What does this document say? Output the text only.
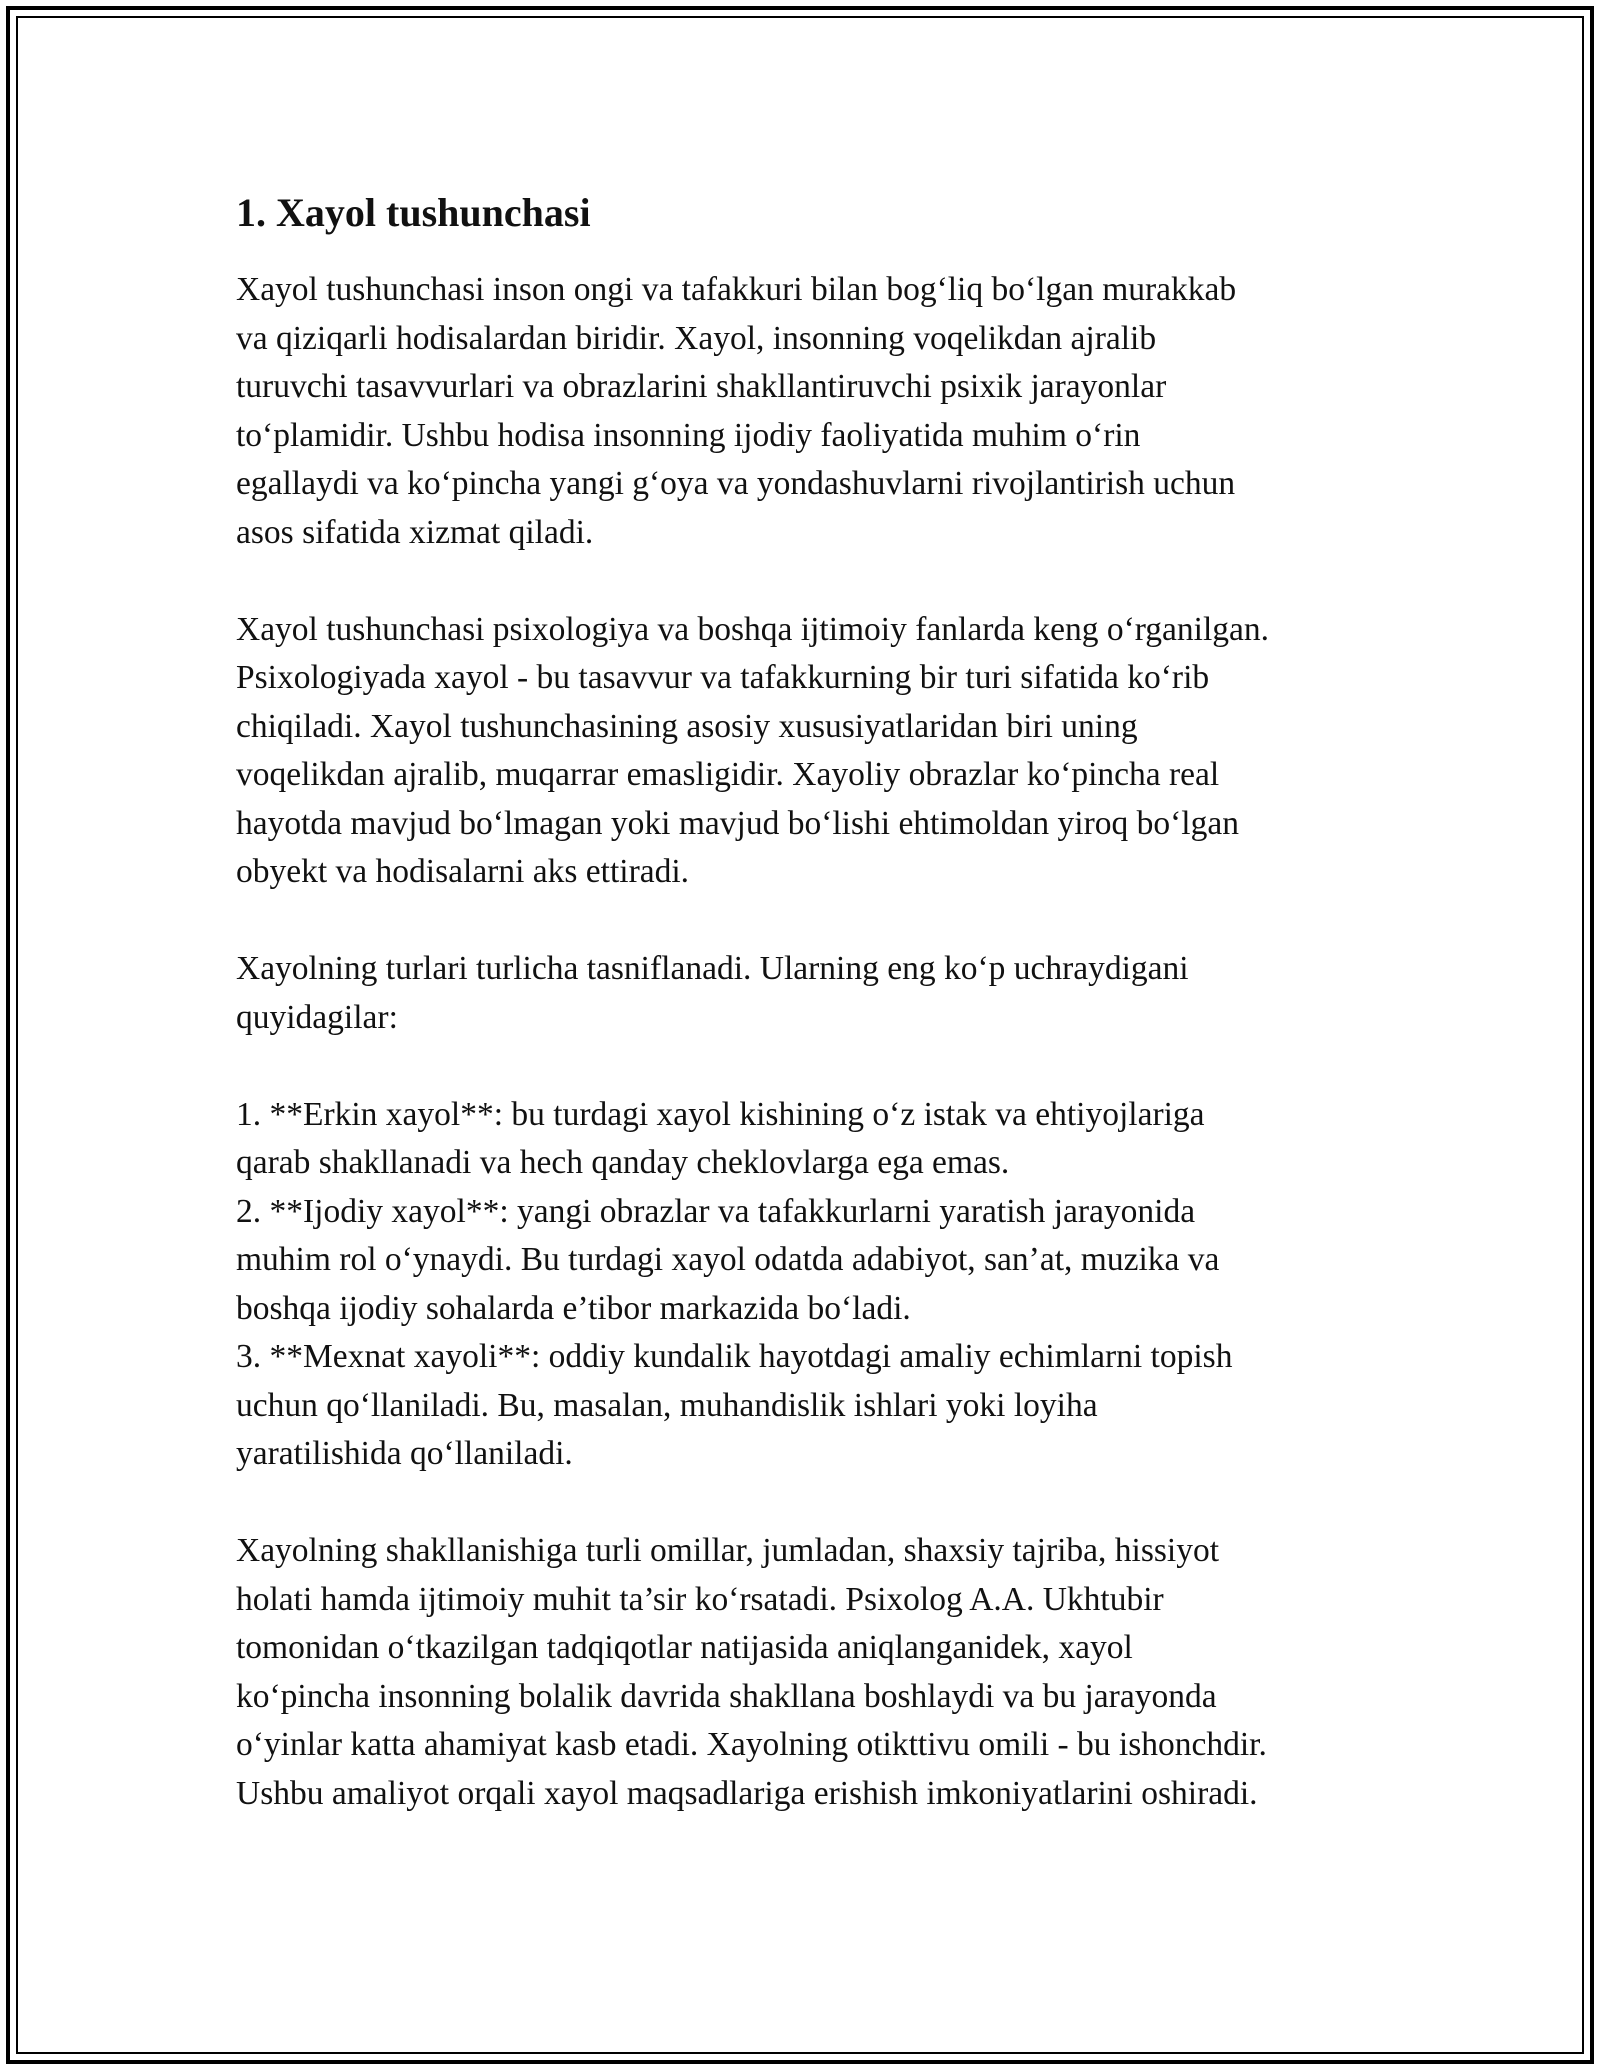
1. Xayol tushunchasi
Xayol tushunchasi inson ongi va tafakkuri bilan bog‘liq bo‘lgan murakkab
va qiziqarli hodisalardan biridir. Xayol, insonning voqelikdan ajralib
turuvchi tasavvurlari va obrazlarini shakllantiruvchi psixik jarayonlar
to‘plamidir. Ushbu hodisa insonning ijodiy faoliyatida muhim o‘rin
egallaydi va ko‘pincha yangi g‘oya va yondashuvlarni rivojlantirish uchun
asos sifatida xizmat qiladi.
Xayol tushunchasi psixologiya va boshqa ijtimoiy fanlarda keng o‘rganilgan.
Psixologiyada xayol - bu tasavvur va tafakkurning bir turi sifatida ko‘rib
chiqiladi. Xayol tushunchasining asosiy xususiyatlaridan biri uning
voqelikdan ajralib, muqarrar emasligidir. Xayoliy obrazlar ko‘pincha real
hayotda mavjud bo‘lmagan yoki mavjud bo‘lishi ehtimoldan yiroq bo‘lgan
obyekt va hodisalarni aks ettiradi.
Xayolning turlari turlicha tasniflanadi. Ularning eng ko‘p uchraydigani
quyidagilar:
1. **Erkin xayol**: bu turdagi xayol kishining o‘z istak va ehtiyojlariga
qarab shakllanadi va hech qanday cheklovlarga ega emas.
2. **Ijodiy xayol**: yangi obrazlar va tafakkurlarni yaratish jarayonida
muhim rol o‘ynaydi. Bu turdagi xayol odatda adabiyot, san’at, muzika va
boshqa ijodiy sohalarda e’tibor markazida bo‘ladi.
3. **Mexnat xayoli**: oddiy kundalik hayotdagi amaliy echimlarni topish
uchun qo‘llaniladi. Bu, masalan, muhandislik ishlari yoki loyiha
yaratilishida qo‘llaniladi.
Xayolning shakllanishiga turli omillar, jumladan, shaxsiy tajriba, hissiyot
holati hamda ijtimoiy muhit ta’sir ko‘rsatadi. Psixolog A.A. Ukhtubir
tomonidan o‘tkazilgan tadqiqotlar natijasida aniqlanganidek, xayol
ko‘pincha insonning bolalik davrida shakllana boshlaydi va bu jarayonda
o‘yinlar katta ahamiyat kasb etadi. Xayolning otikttivu omili - bu ishonchdir.
Ushbu amaliyot orqali xayol maqsadlariga erishish imkoniyatlarini oshiradi.
